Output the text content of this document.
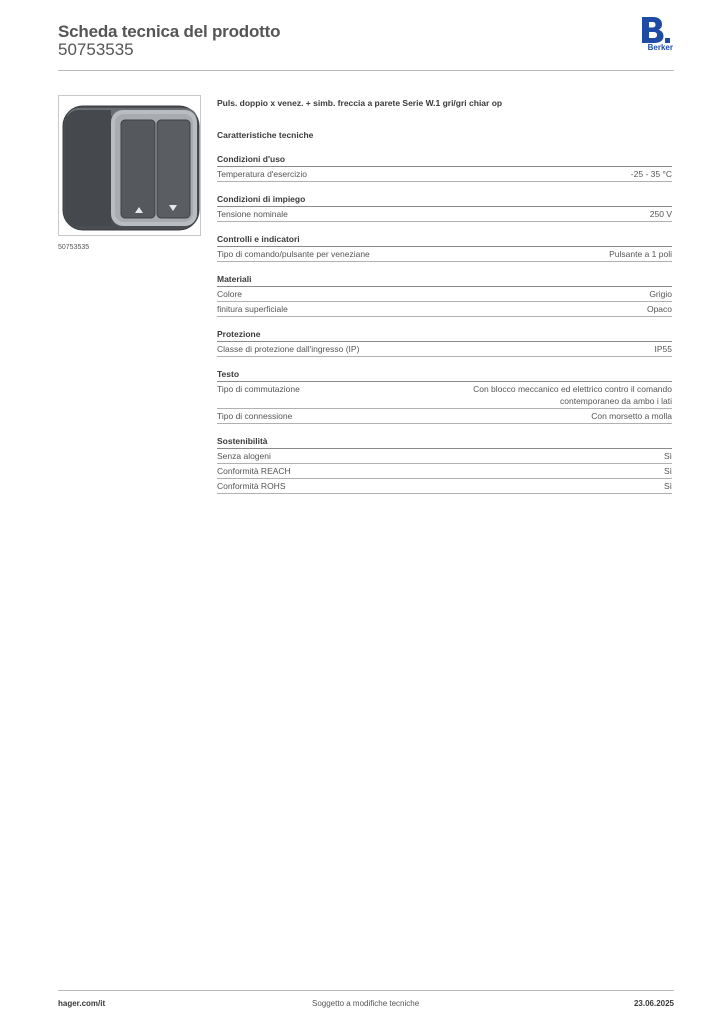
Scheda tecnica del prodotto
50753535	Berker
50753535
Puls. doppio x venez. + simb. freccia a parete Serie W.1 gri/gri chiar op
Caratteristiche tecniche
Condizioni d'uso
Temperatura d'esercizio	-25 - 35 °C
Condizioni di impiego
Tensione nominale	250 V
Controlli e indicatori
Tipo di comando/pulsante per veneziane	Pulsante a 1 poli
Materiali
Colore	Grigio
finitura superficiale	Opaco
Protezione
Classe di protezione dall'ingresso (IP)	IP55
Testo
Tipo di commutazione	Con blocco meccanico ed elettrico contro il comando contemporaneo da ambo i lati
Tipo di connessione	Con morsetto a molla
Sostenibilità
Senza alogeni	Sì
Conformità REACH	Sì
Conformità ROHS	Sì
hager.com/it	Soggetto a modifiche tecniche	23.06.2025
